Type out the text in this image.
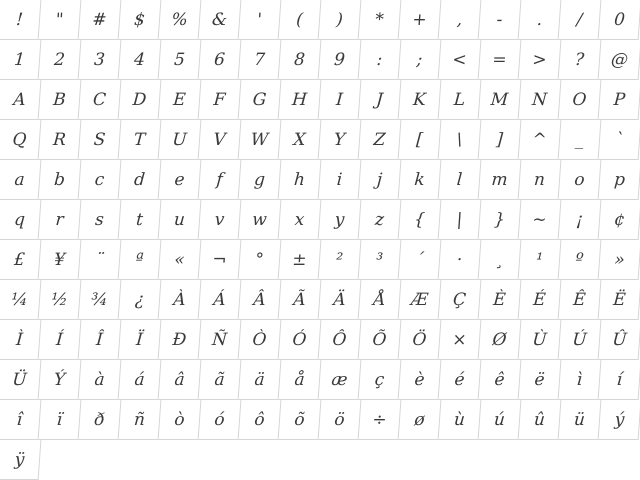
!	"	#	$	%	&	'	(	)	*	+	,	-	.	/	0
1	2	3	4	5	6	7	8	9	:	;	<	=	>	?	@
A	B	C	D	E	F	G	H	I	J	K	L	M	N	O	P
Q	R	S	T	U	V	W	X	Y	Z	[	\	]	^	_	`
a	b	c	d	e	f	g	h	i	j	k	l	m	n	o	p
q	r	s	t	u	v	w	x	y	z	{	|	}	~	¡	¢
£	¥	¨	ª	«	¬	°	±	²	³	´	·	¸	¹	º	»
¼	½	¾	¿	À	Á	Â	Ã	Ä	Å	Æ	Ç	È	É	Ê	Ë
Ì	Í	Î	Ï	Ð	Ñ	Ò	Ó	Ô	Õ	Ö	×	Ø	Ù	Ú	Û
Ü	Ý	à	á	â	ã	ä	å	æ	ç	è	é	ê	ë	ì	í
î	ï	ð	ñ	ò	ó	ô	õ	ö	÷	ø	ù	ú	û	ü	ý
ÿ
